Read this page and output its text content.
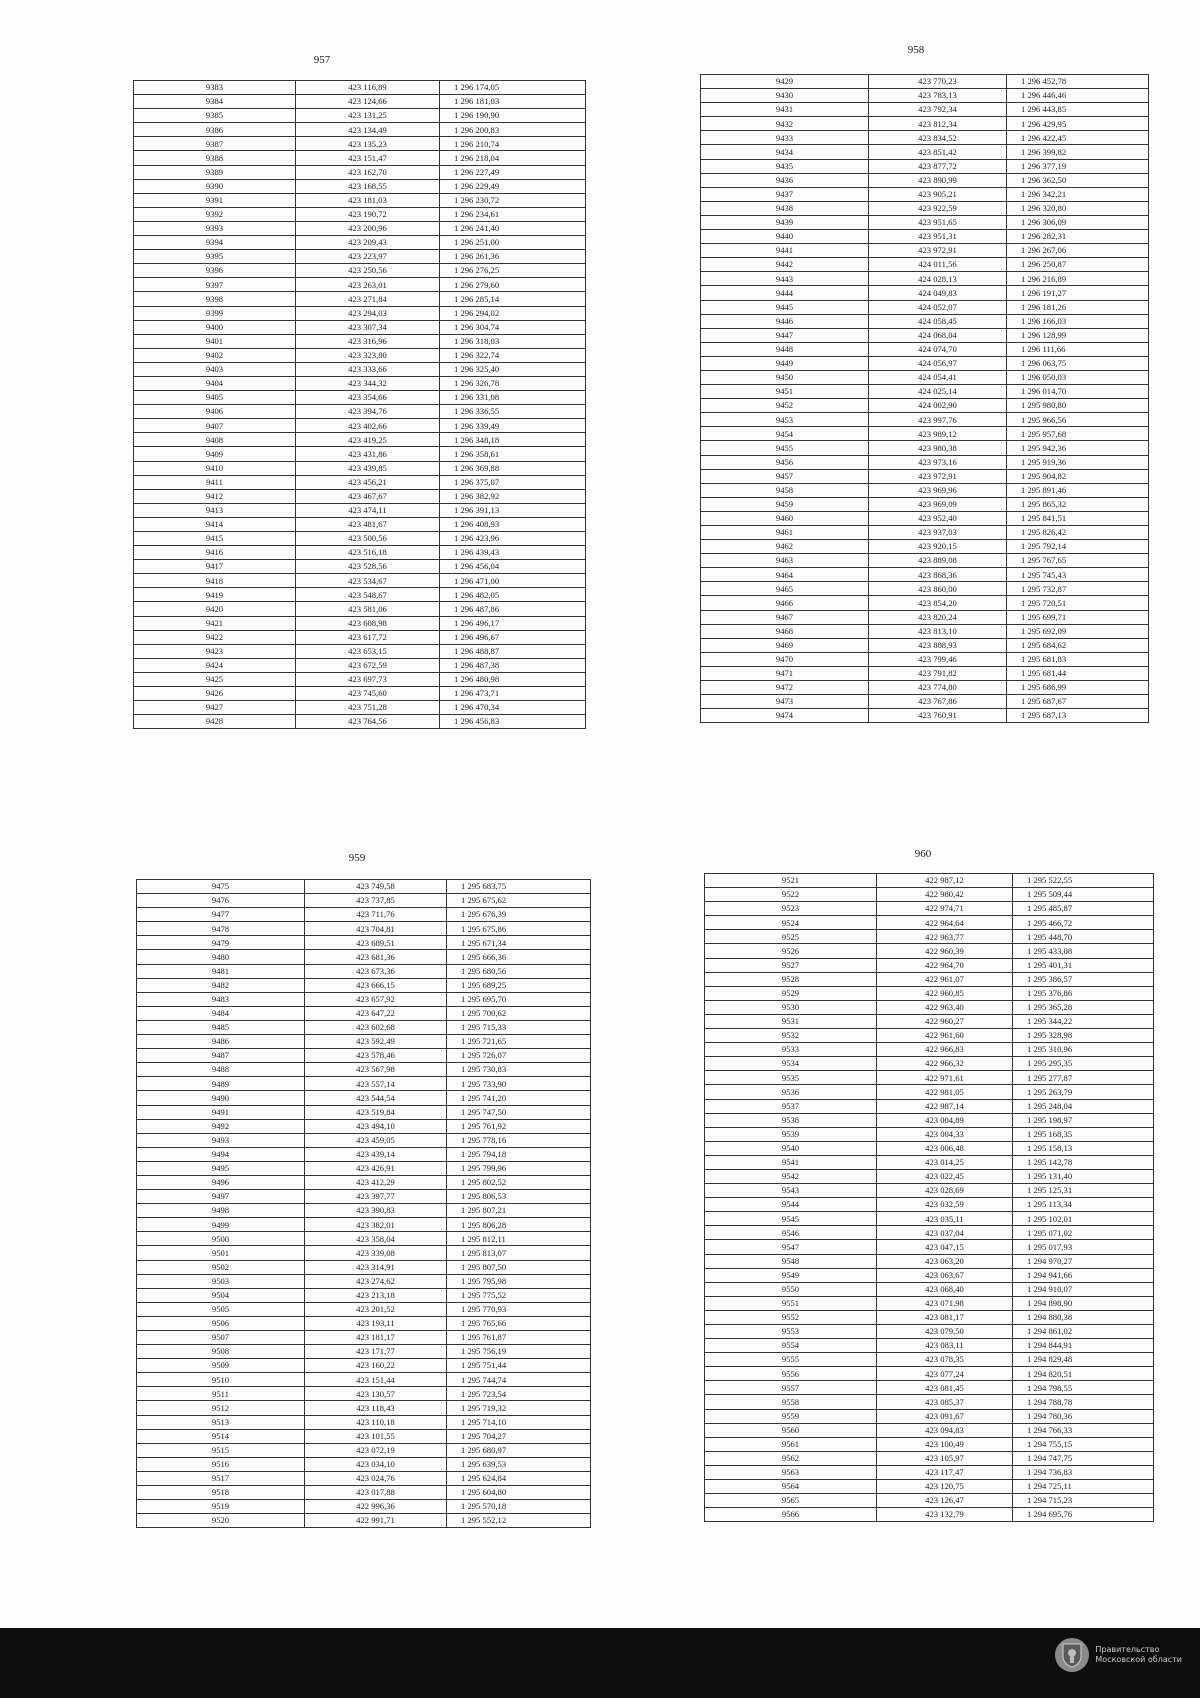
957
9383	423 116,89	1 296 174,05
9384	423 124,66	1 296 181,03
9385	423 131,25	1 296 190,90
9386	423 134,49	1 296 200,83
9387	423 135,23	1 296 210,74
9388	423 151,47	1 296 218,04
9389	423 162,70	1 296 227,49
9390	423 168,55	1 296 229,49
9391	423 181,03	1 296 230,72
9392	423 190,72	1 296 234,61
9393	423 200,96	1 296 241,40
9394	423 209,43	1 296 251,00
9395	423 223,97	1 296 261,36
9396	423 250,56	1 296 276,25
9397	423 263,01	1 296 279,60
9398	423 271,84	1 296 285,14
9399	423 294,03	1 296 294,02
9400	423 307,34	1 296 304,74
9401	423 316,96	1 296 318,03
9402	423 323,80	1 296 322,74
9403	423 333,66	1 296 325,40
9404	423 344,32	1 296 326,78
9405	423 354,66	1 296 331,08
9406	423 394,76	1 296 336,55
9407	423 402,66	1 296 339,49
9408	423 419,25	1 296 348,18
9409	423 431,86	1 296 358,61
9410	423 439,85	1 296 369,88
9411	423 456,21	1 296 375,07
9412	423 467,67	1 296 382,92
9413	423 474,11	1 296 391,13
9414	423 481,67	1 296 408,93
9415	423 500,56	1 296 423,96
9416	423 516,18	1 296 439,43
9417	423 528,56	1 296 456,04
9418	423 534,67	1 296 471,00
9419	423 548,67	1 296 482,05
9420	423 581,06	1 296 487,86
9421	423 608,98	1 296 496,17
9422	423 617,72	1 296 496,67
9423	423 653,15	1 296 488,87
9424	423 672,59	1 296 487,38
9425	423 697,73	1 296 480,98
9426	423 745,60	1 296 473,71
9427	423 751,28	1 296 470,34
9428	423 764,56	1 296 456,83
958
9429	423 770,23	1 296 452,78
9430	423 783,13	1 296 446,46
9431	423 792,34	1 296 443,85
9432	423 812,34	1 296 429,95
9433	423 834,52	1 296 422,45
9434	423 851,42	1 296 399,82
9435	423 877,72	1 296 377,19
9436	423 890,99	1 296 362,50
9437	423 905,21	1 296 342,21
9438	423 922,59	1 296 320,80
9439	423 951,65	1 296 306,09
9440	423 951,31	1 296 282,31
9441	423 972,91	1 296 267,06
9442	424 011,56	1 296 250,87
9443	424 028,13	1 296 216,89
9444	424 049,83	1 296 191,27
9445	424 052,07	1 296 181,26
9446	424 058,45	1 296 166,03
9447	424 068,04	1 296 128,99
9448	424 074,70	1 296 111,66
9449	424 056,97	1 296 063,75
9450	424 054,41	1 296 050,03
9451	424 025,14	1 296 014,70
9452	424 002,90	1 295 980,80
9453	423 997,76	1 295 966,56
9454	423 989,12	1 295 957,68
9455	423 980,38	1 295 942,36
9456	423 973,16	1 295 919,36
9457	423 972,91	1 295 904,82
9458	423 969,96	1 295 891,46
9459	423 969,09	1 295 865,32
9460	423 952,40	1 295 841,51
9461	423 937,03	1 295 826,42
9462	423 920,15	1 295 792,14
9463	423 889,08	1 295 767,65
9464	423 868,36	1 295 745,43
9465	423 860,00	1 295 732,87
9466	423 854,20	1 295 720,51
9467	423 820,24	1 295 699,71
9468	423 813,10	1 295 692,09
9469	423 808,93	1 295 684,62
9470	423 799,46	1 295 681,83
9471	423 791,82	1 295 681,44
9472	423 774,80	1 295 686,99
9473	423 767,86	1 295 687,67
9474	423 760,91	1 295 687,13
959
9475	423 749,58	1 295 683,75
9476	423 737,85	1 295 675,62
9477	423 711,76	1 295 676,39
9478	423 704,81	1 295 675,86
9479	423 689,51	1 295 671,34
9480	423 681,36	1 295 666,36
9481	423 673,36	1 295 680,56
9482	423 666,15	1 295 689,25
9483	423 657,92	1 295 695,70
9484	423 647,22	1 295 700,62
9485	423 602,68	1 295 715,33
9486	423 592,49	1 295 721,65
9487	423 578,46	1 295 726,07
9488	423 567,98	1 295 730,83
9489	423 557,14	1 295 733,90
9490	423 544,54	1 295 741,20
9491	423 519,84	1 295 747,50
9492	423 494,10	1 295 761,92
9493	423 459,05	1 295 778,16
9494	423 439,14	1 295 794,18
9495	423 426,91	1 295 799,96
9496	423 412,29	1 295 802,52
9497	423 397,77	1 295 806,53
9498	423 390,83	1 295 807,21
9499	423 382,01	1 295 806,28
9500	423 358,04	1 295 812,11
9501	423 339,08	1 295 813,07
9502	423 314,91	1 295 807,50
9503	423 274,62	1 295 795,98
9504	423 213,18	1 295 775,52
9505	423 201,52	1 295 770,93
9506	423 193,11	1 295 765,66
9507	423 181,17	1 295 761,87
9508	423 171,77	1 295 756,19
9509	423 160,22	1 295 751,44
9510	423 151,44	1 295 744,74
9511	423 130,57	1 295 723,54
9512	423 118,43	1 295 719,32
9513	423 110,18	1 295 714,10
9514	423 101,55	1 295 704,27
9515	423 072,19	1 295 680,97
9516	423 034,10	1 295 639,53
9517	423 024,76	1 295 624,84
9518	423 017,88	1 295 604,80
9519	422 996,36	1 295 570,18
9520	422 991,71	1 295 552,12
960
9521	422 987,12	1 295 522,55
9522	422 980,42	1 295 509,44
9523	422 974,71	1 295 485,87
9524	422 964,64	1 295 466,72
9525	422 963,77	1 295 448,70
9526	422 960,39	1 295 433,08
9527	422 964,70	1 295 401,31
9528	422 961,07	1 295 386,57
9529	422 960,85	1 295 376,86
9530	422 963,40	1 295 365,28
9531	422 960,27	1 295 344,22
9532	422 961,60	1 295 328,98
9533	422 966,83	1 295 310,96
9534	422 966,32	1 295 295,35
9535	422 971,61	1 295 277,87
9536	422 981,05	1 295 263,79
9537	422 987,14	1 295 248,04
9538	423 004,89	1 295 198,97
9539	423 004,33	1 295 168,35
9540	423 006,48	1 295 158,13
9541	423 014,25	1 295 142,78
9542	423 022,45	1 295 131,40
9543	423 028,69	1 295 125,31
9544	423 032,59	1 295 113,34
9545	423 035,11	1 295 102,01
9546	423 037,04	1 295 071,02
9547	423 047,15	1 295 017,93
9548	423 063,20	1 294 970,27
9549	423 063,67	1 294 941,66
9550	423 068,40	1 294 910,07
9551	423 071,98	1 294 898,90
9552	423 081,17	1 294 880,38
9553	423 079,50	1 294 861,02
9554	423 083,11	1 294 844,91
9555	423 078,35	1 294 829,48
9556	423 077,24	1 294 820,51
9557	423 081,45	1 294 798,55
9558	423 085,37	1 294 788,78
9559	423 091,67	1 294 780,36
9560	423 094,83	1 294 766,33
9561	423 100,49	1 294 755,15
9562	423 105,97	1 294 747,75
9563	423 117,47	1 294 736,83
9564	423 120,75	1 294 725,11
9565	423 126,47	1 294 715,23
9566	423 132,79	1 294 695,76
Правительство
Московской области
